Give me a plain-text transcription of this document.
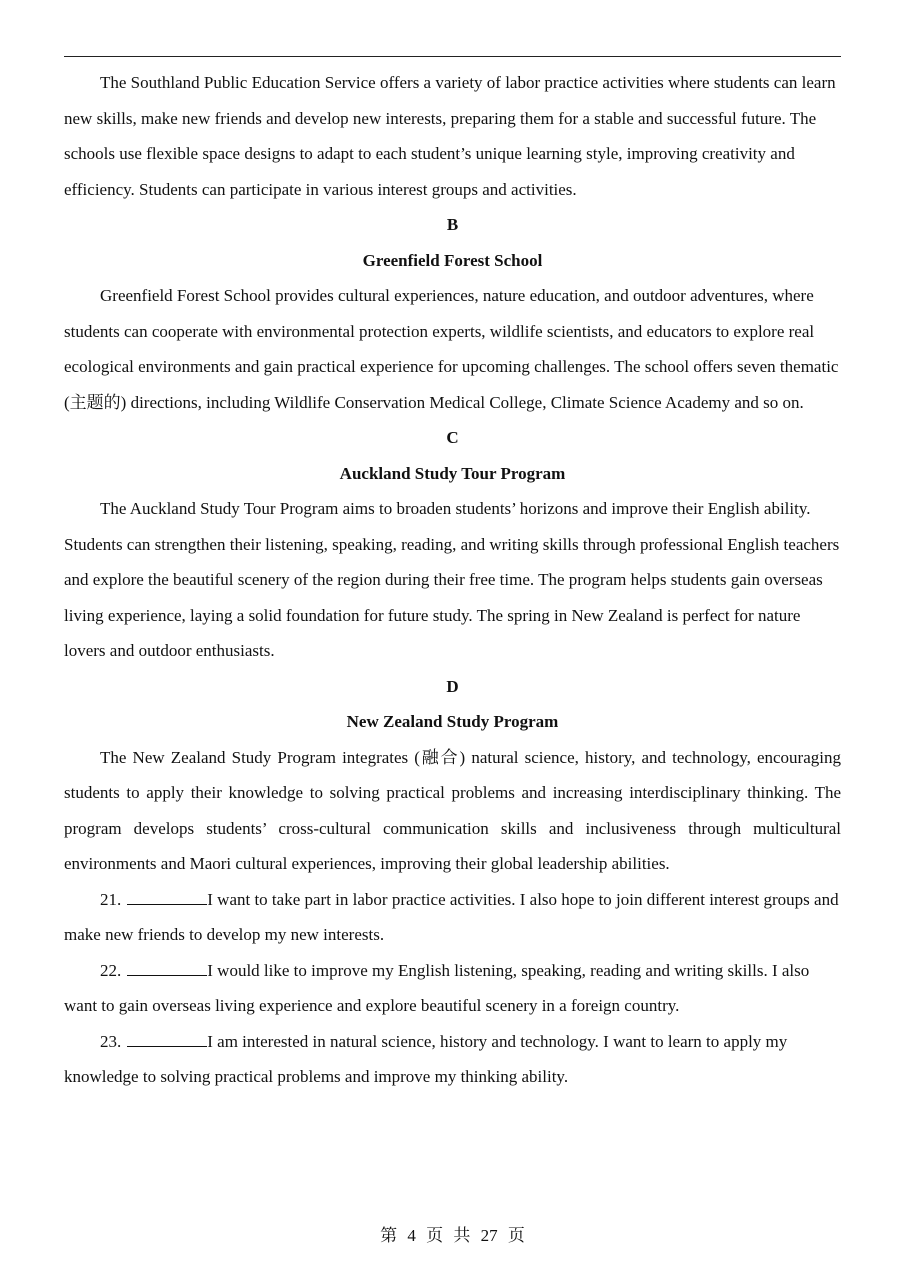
The Southland Public Education Service offers a variety of labor practice activities where students can learn new skills, make new friends and develop new interests, preparing them for a stable and successful future. The schools use flexible space designs to adapt to each student’s unique learning style, improving creativity and efficiency. Students can participate in various interest groups and activities.

B

Greenfield Forest School

Greenfield Forest School provides cultural experiences, nature education, and outdoor adventures, where students can cooperate with environmental protection experts, wildlife scientists, and educators to explore real ecological environments and gain practical experience for upcoming challenges. The school offers seven thematic (主题的) directions, including Wildlife Conservation Medical College, Climate Science Academy and so on.

C

Auckland Study Tour Program

The Auckland Study Tour Program aims to broaden students’ horizons and improve their English ability. Students can strengthen their listening, speaking, reading, and writing skills through professional English teachers and explore the beautiful scenery of the region during their free time. The program helps students gain overseas living experience, laying a solid foundation for future study. The spring in New Zealand is perfect for nature lovers and outdoor enthusiasts.

D

New Zealand Study Program

The New Zealand Study Program integrates (融合) natural science, history, and technology, encouraging students to apply their knowledge to solving practical problems and increasing interdisciplinary thinking. The program develops students’ cross-cultural communication skills and inclusiveness through multicultural environments and Maori cultural experiences, improving their global leadership abilities.

21.	I want to take part in labor practice activities. I also hope to join different interest groups and make new friends to develop my new interests.

22.	I would like to improve my English listening, speaking, reading and writing skills. I also want to gain overseas living experience and explore beautiful scenery in a foreign country.

23.	I am interested in natural science, history and technology. I want to learn to apply my knowledge to solving practical problems and improve my thinking ability.

第 4 页 共 27 页
